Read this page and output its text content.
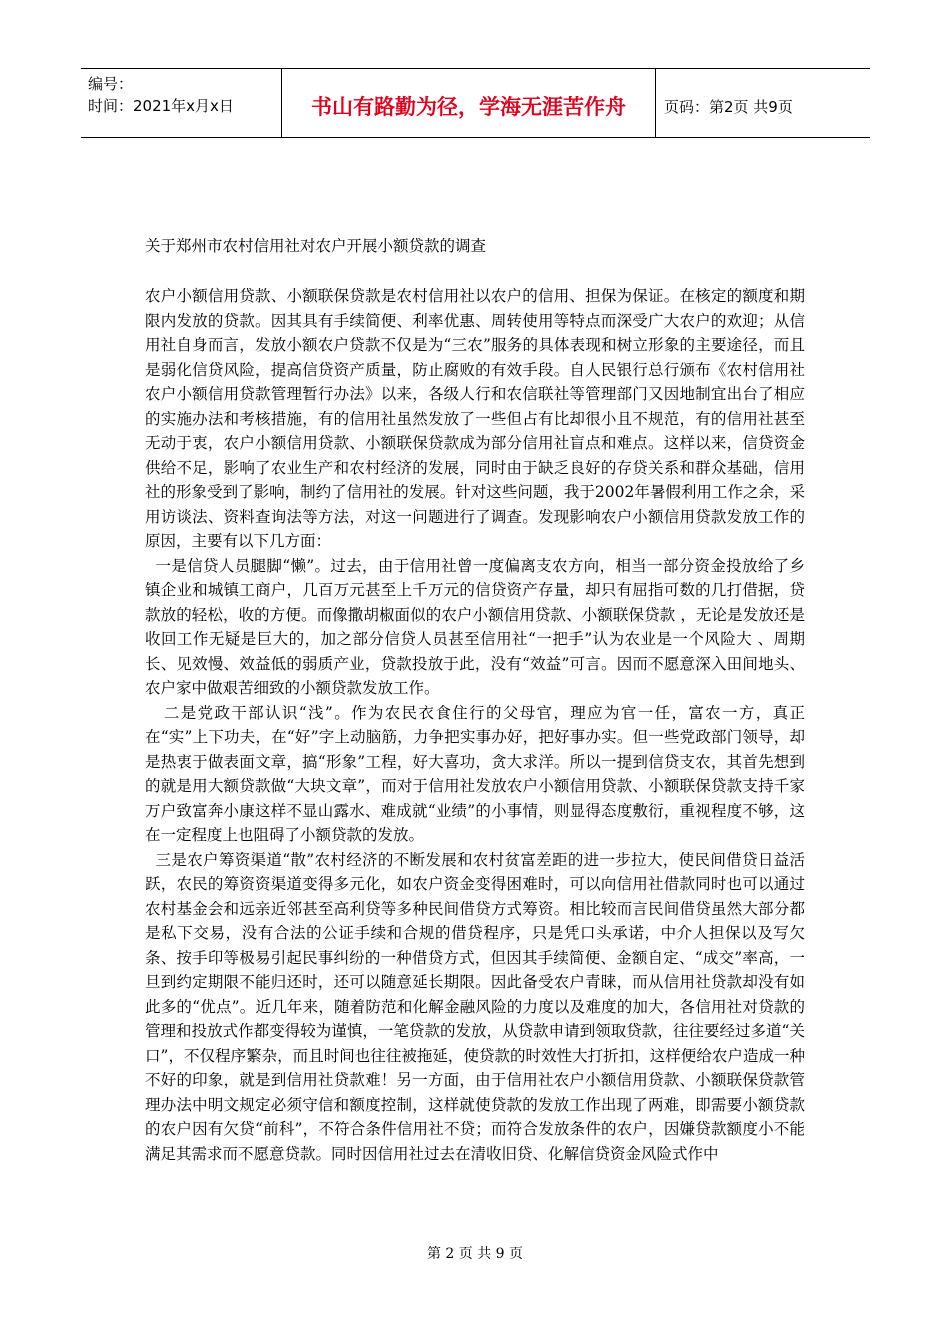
编号：
时间：2021年x月x日	书山有路勤为径，学海无涯苦作舟	页码：第2页 共9页
关于郑州市农村信用社对农户开展小额贷款的调查

农户小额信用贷款、小额联保贷款是农村信用社以农户的信用、担保为保证。在核定的额度和期限内发放的贷款。因其具有手续简便、利率优惠、周转使用等特点而深受广大农户的欢迎；从信用社自身而言，发放小额农户贷款不仅是为“三农”服务的具体表现和树立形象的主要途径，而且是弱化信贷风险，提高信贷资产质量，防止腐败的有效手段。自人民银行总行颁布《农村信用社农户小额信用贷款管理暂行办法》以来，各级人行和农信联社等管理部门又因地制宜出台了相应的实施办法和考核措施，有的信用社虽然发放了一些但占有比却很小且不规范，有的信用社甚至无动于衷，农户小额信用贷款、小额联保贷款成为部分信用社盲点和难点。这样以来，信贷资金供给不足，影响了农业生产和农村经济的发展，同时由于缺乏良好的存贷关系和群众基础，信用社的形象受到了影响，制约了信用社的发展。针对这些问题，我于2002年暑假利用工作之余，采用访谈法、资料查询法等方法，对这一问题进行了调查。发现影响农户小额信用贷款发放工作的原因，主要有以下几方面：

一是信贷人员腿脚“懒”。过去，由于信用社曾一度偏离支农方向，相当一部分资金投放给了乡镇企业和城镇工商户，几百万元甚至上千万元的信贷资产存量，却只有屈指可数的几打借据，贷款放的轻松，收的方便。而像撒胡椒面似的农户小额信用贷款、小额联保贷款 ，无论是发放还是收回工作无疑是巨大的，加之部分信贷人员甚至信用社“一把手”认为农业是一个风险大 、周期长、见效慢、效益低的弱质产业，贷款投放于此，没有“效益”可言。因而不愿意深入田间地头、农户家中做艰苦细致的小额贷款发放工作。

二是党政干部认识“浅”。作为农民衣食住行的父母官，理应为官一任，富农一方，真正在“实”上下功夫，在“好”字上动脑筋，力争把实事办好，把好事办实。但一些党政部门领导，却是热衷于做表面文章，搞“形象”工程，好大喜功，贪大求洋。所以一提到信贷支农，其首先想到的就是用大额贷款做“大块文章”，而对于信用社发放农户小额信用贷款、小额联保贷款支持千家万户致富奔小康这样不显山露水、难成就“业绩”的小事情，则显得态度敷衍，重视程度不够，这在一定程度上也阻碍了小额贷款的发放。

三是农户筹资渠道“散”农村经济的不断发展和农村贫富差距的进一步拉大，使民间借贷日益活跃，农民的筹资资渠道变得多元化，如农户资金变得困难时，可以向信用社借款同时也可以通过农村基金会和远亲近邻甚至高利贷等多种民间借贷方式筹资。相比较而言民间借贷虽然大部分都是私下交易，没有合法的公证手续和合规的借贷程序，只是凭口头承诺，中介人担保以及写欠条、按手印等极易引起民事纠纷的一种借贷方式，但因其手续简便、金额自定、“成交”率高，一旦到约定期限不能归还时，还可以随意延长期限。因此备受农户青睐，而从信用社贷款却没有如此多的“优点”。近几年来，随着防范和化解金融风险的力度以及难度的加大，各信用社对贷款的管理和投放式作都变得较为谨慎，一笔贷款的发放，从贷款申请到领取贷款，往往要经过多道“关口”，不仅程序繁杂，而且时间也往往被拖延，使贷款的时效性大打折扣，这样便给农户造成一种不好的印象，就是到信用社贷款难！另一方面，由于信用社农户小额信用贷款、小额联保贷款管理办法中明文规定必须守信和额度控制，这样就使贷款的发放工作出现了两难，即需要小额贷款的农户因有欠贷“前科”，不符合条件信用社不贷；而符合发放条件的农户，因嫌贷款额度小不能满足其需求而不愿意贷款。同时因信用社过去在清收旧贷、化解信贷资金风险式作中

第 2 页 共 9 页
